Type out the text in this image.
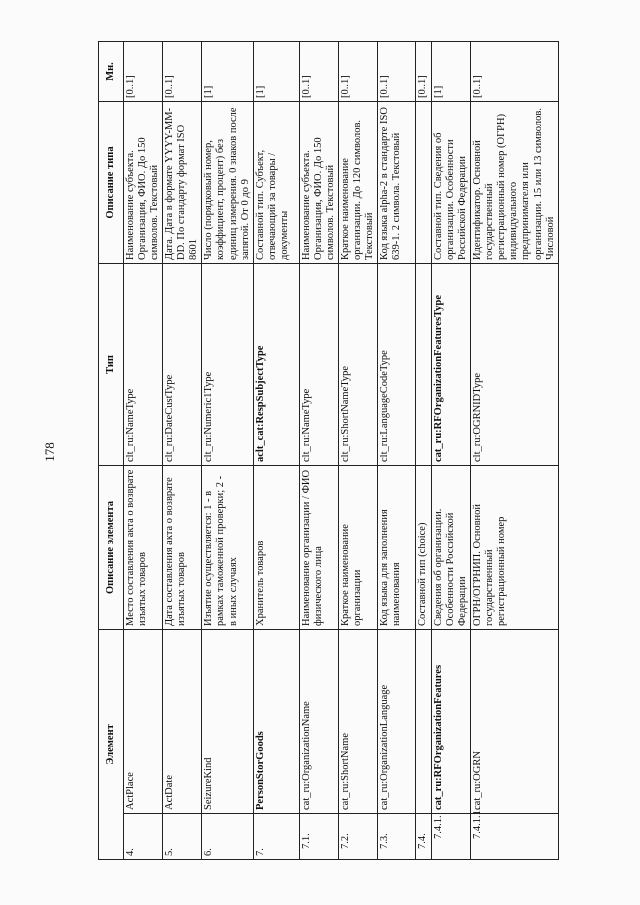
178
Элемент		Описание элемента	Тип	Описание типа	Мн.
4.	ActPlace	Место составления акта о возврате изъятых товаров	clt_ru:NameType	Наименование субъекта. Организация, ФИО. До 150 символов. Текстовый	[0..1]
5.	ActDate	Дата составления акта о возврате изъятых товаров	clt_ru:DateCustType	Дата. Дата в формате YYYY-MM-DD. По стандарту формат ISO 8601	[0..1]
6.	SeizureKind	Изъятие осуществляется: 1 - в рамках таможенной проверки; 2 - в иных случаях	clt_ru:Numeric1Type	Число (порядковый номер, коэффициент, процент) без единиц измерения. 0 знаков после запятой. От 0 до 9	[1]
7.	PersonStorGoods	Хранитель товаров	aclt_cat:RespSubjectType	Составной тип. Субъект, отвечающий за товары / документы	[1]
7.1.	cat_ru:OrganizationName	Наименование организации / ФИО физического лица	clt_ru:NameType	Наименование субъекта. Организация, ФИО. До 150 символов. Текстовый	[0..1]
7.2.	cat_ru:ShortName	Краткое наименование организации	clt_ru:ShortNameType	Краткое наименование организации. До 120 символов. Текстовый	[0..1]
7.3.	cat_ru:OrganizationLanguage	Код языка для заполнения наименования	clt_ru:LanguageCodeType	Код языка alpha-2 в стандарте ISO 639-1. 2 символа. Текстовый	[0..1]
7.4.		Составной тип (choice)			[0..1]
7.4.1.	cat_ru:RFOrganizationFeatures	Сведения об организации. Особенности Российской Федерации	cat_ru:RFOrganizationFeaturesType	Составной тип. Сведения об организации. Особенности Российской Федерации	[1]
7.4.1.1.	cat_ru:OGRN	ОГРН/ОГРНИП. Основной государственный регистрационный номер	clt_ru:OGRNIDType	Идентификатор. Основной государственный регистрационный номер (ОГРН) индивидуального предпринимателя или организации. 15 или 13 символов. Числовой	[0..1]
